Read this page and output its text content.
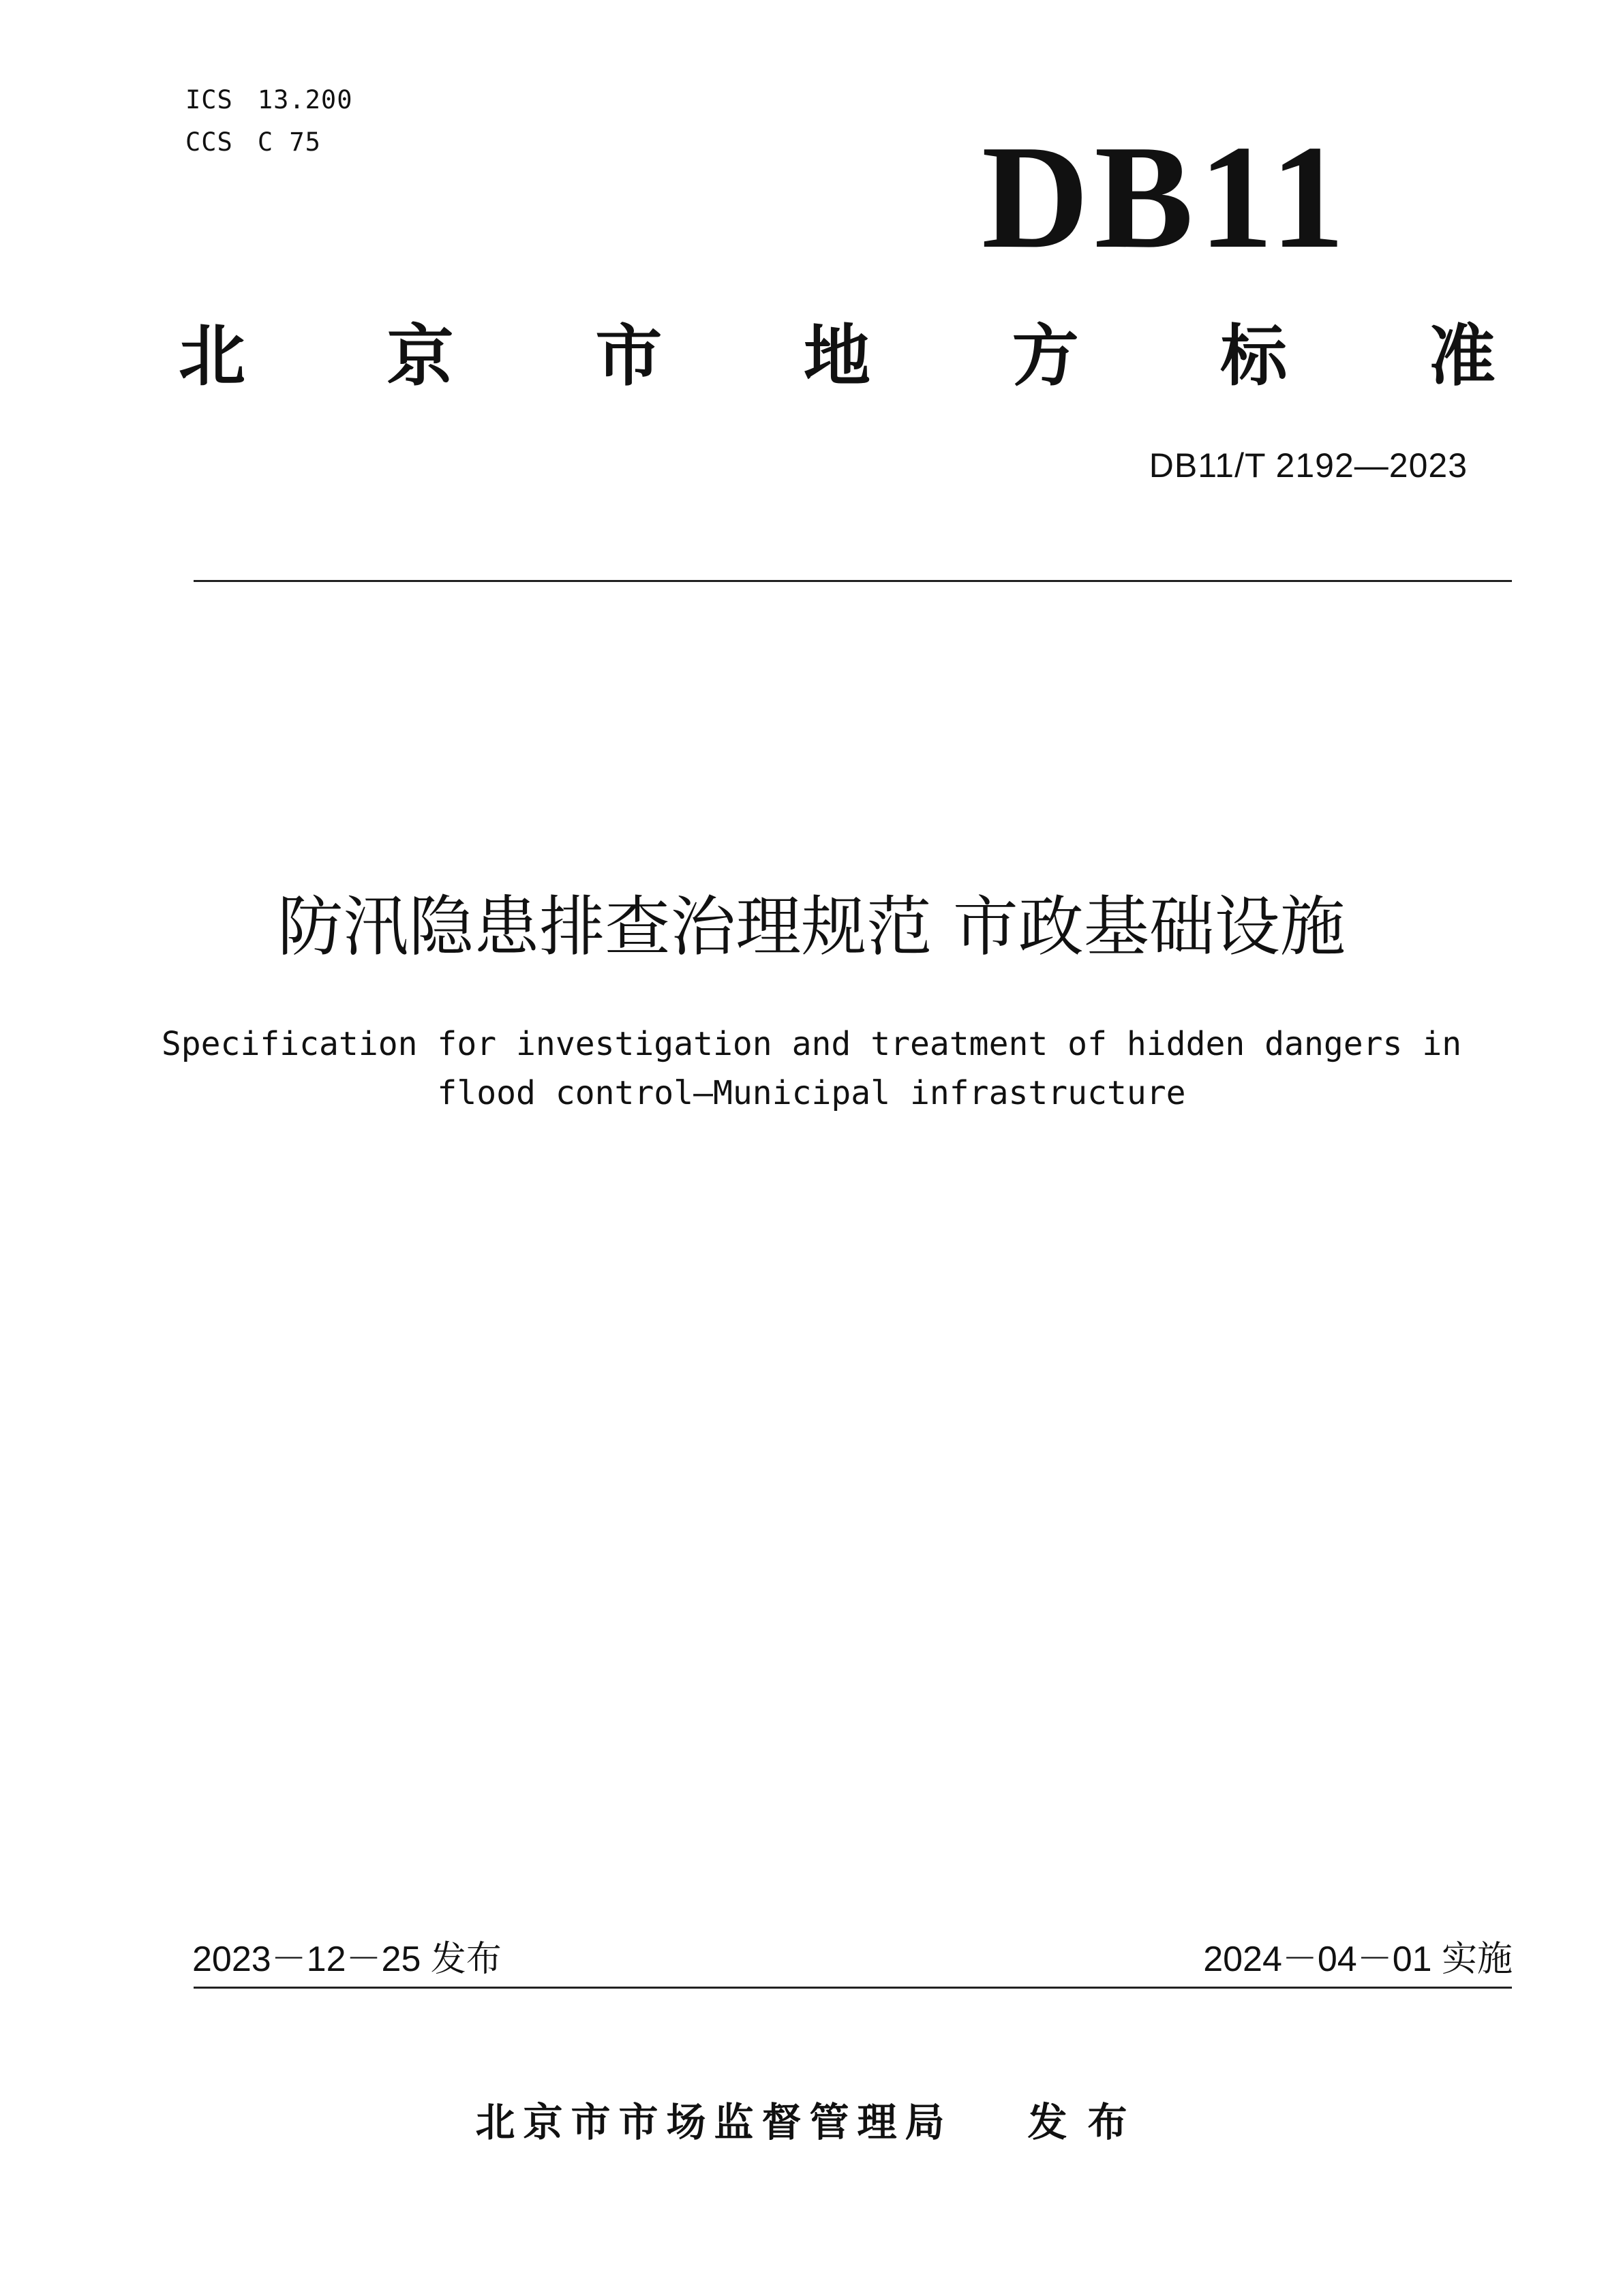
ICS 13.200
CCS C 75	DB11
北 京 市 地 方 标 准
DB11/T 2192—2023
防汛隐患排查治理规范 市政基础设施
Specification for investigation and treatment of hidden dangers in
flood control—Municipal infrastructure
2023－12－25 发布	2024－04－01 实施
北京市市场监督管理局 发布
